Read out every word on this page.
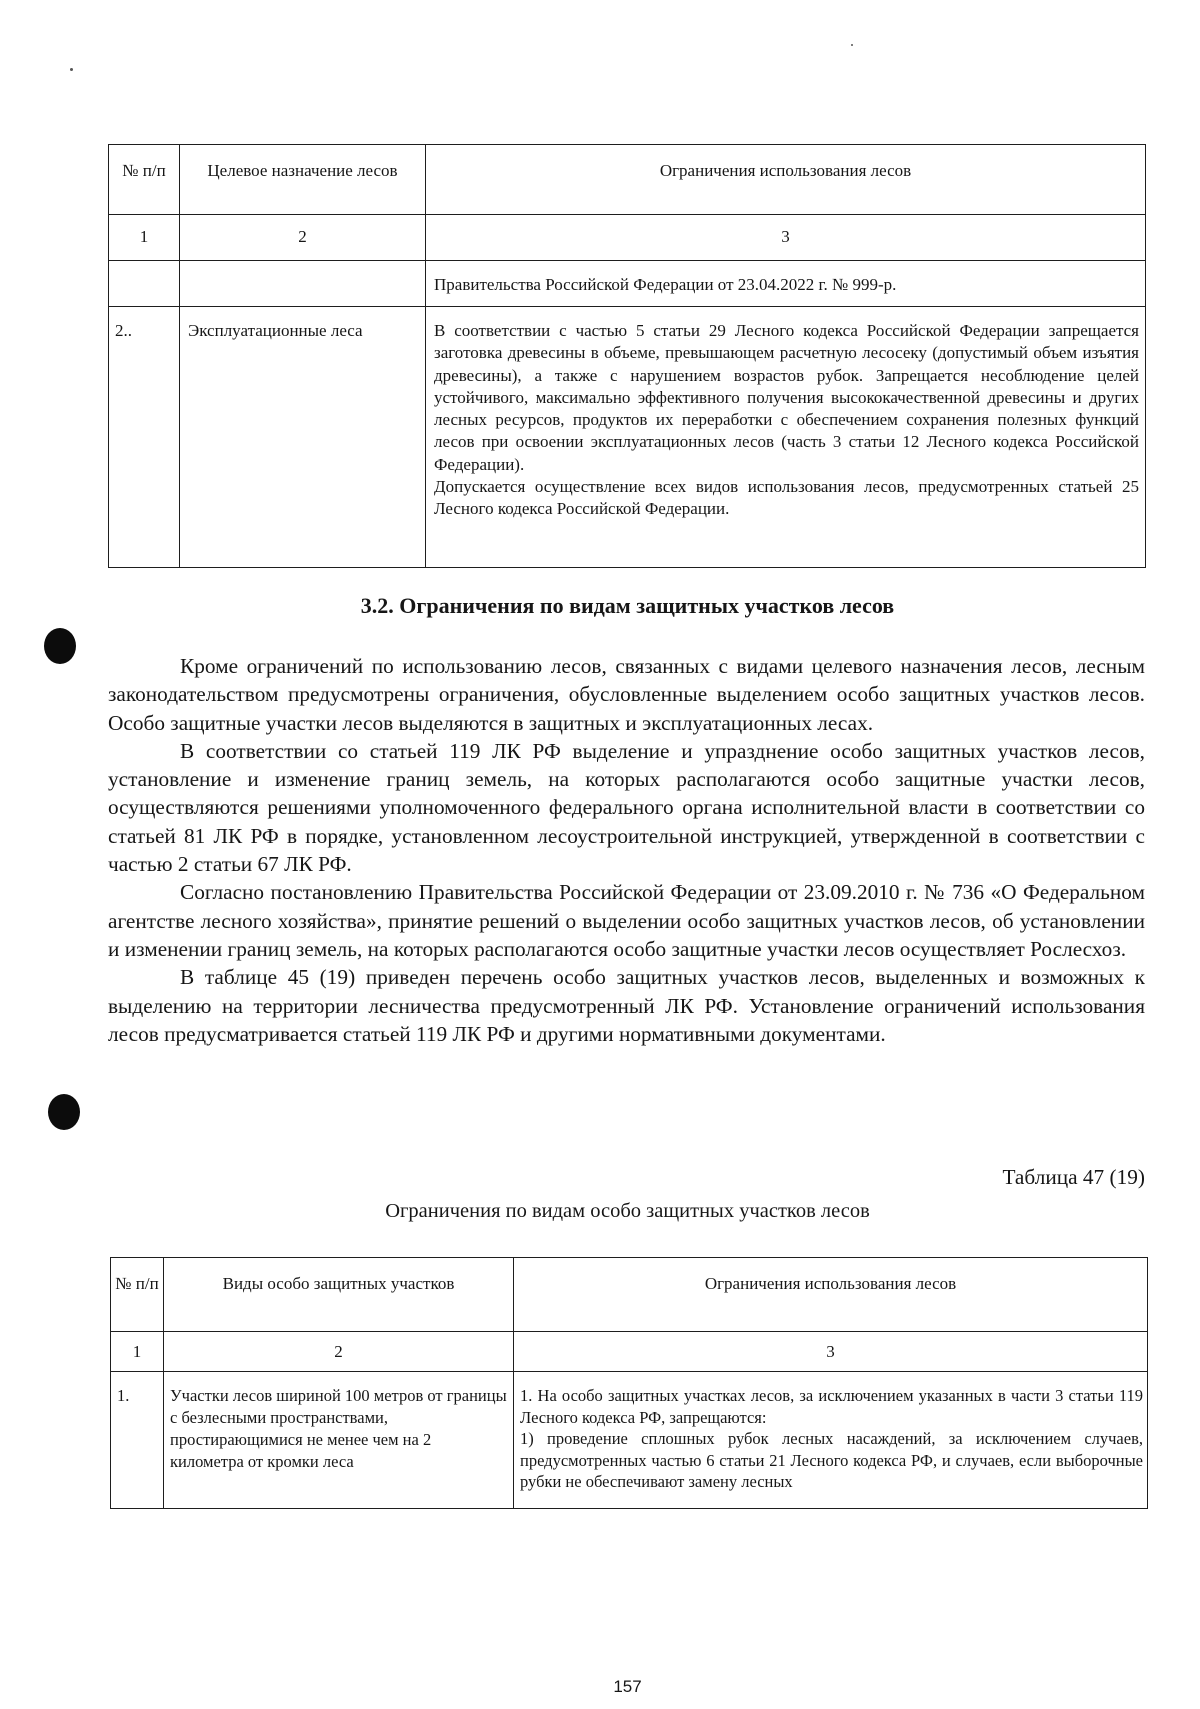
№ п/п	Целевое назначение лесов	Ограничения использования лесов
1	2	3
		Правительства Российской Федерации от 23.04.2022 г. № 999-р.
2..	Эксплуатационные леса	В соответствии с частью 5 статьи 29 Лесного кодекса Российской Федерации запрещается заготовка древесины в объеме, превышающем расчетную лесосеку (допустимый объем изъятия древесины), а также с нарушением возрастов рубок. Запрещается несоблюдение целей устойчивого, максимально эффективного получения высококачественной древесины и других лесных ресурсов, продуктов их переработки с обеспечением сохранения полезных функций лесов при освоении эксплуатационных лесов (часть 3 статьи 12 Лесного кодекса Российской Федерации).
Допускается осуществление всех видов использования лесов, предусмотренных статьей 25 Лесного кодекса Российской Федерации.
3.2. Ограничения по видам защитных участков лесов

Кроме ограничений по использованию лесов, связанных с видами целевого назначения лесов, лесным законодательством предусмотрены ограничения, обусловленные выделением особо защитных участков лесов. Особо защитные участки лесов выделяются в защитных и эксплуатационных лесах.

В соответствии со статьей 119 ЛК РФ выделение и упразднение особо защитных участков лесов, установление и изменение границ земель, на которых располагаются особо защитные участки лесов, осуществляются решениями уполномоченного федерального органа исполнительной власти в соответствии со статьей 81 ЛК РФ в порядке, установленном лесоустроительной инструкцией, утвержденной в соответствии с частью 2 статьи 67 ЛК РФ.

Согласно постановлению Правительства Российской Федерации от 23.09.2010 г. № 736 «О Федеральном агентстве лесного хозяйства», принятие решений о выделении особо защитных участков лесов, об установлении и изменении границ земель, на которых располагаются особо защитные участки лесов осуществляет Рослесхоз.

В таблице 45 (19) приведен перечень особо защитных участков лесов, выделенных и возможных к выделению на территории лесничества предусмотренный ЛК РФ. Установление ограничений использования лесов предусматривается статьей 119 ЛК РФ и другими нормативными документами.

Таблица 47 (19)
Ограничения по видам особо защитных участков лесов
№ п/п	Виды особо защитных участков	Ограничения использования лесов
1	2	3
1.	Участки лесов шириной 100 метров от границы с безлесными пространствами, простирающимися не менее чем на 2 километра от кромки леса	1. На особо защитных участках лесов, за исключением указанных в части 3 статьи 119 Лесного кодекса РФ, запрещаются:
1) проведение сплошных рубок лесных насаждений, за исключением случаев, предусмотренных частью 6 статьи 21 Лесного кодекса РФ, и случаев, если выборочные рубки не обеспечивают замену лесных
157
